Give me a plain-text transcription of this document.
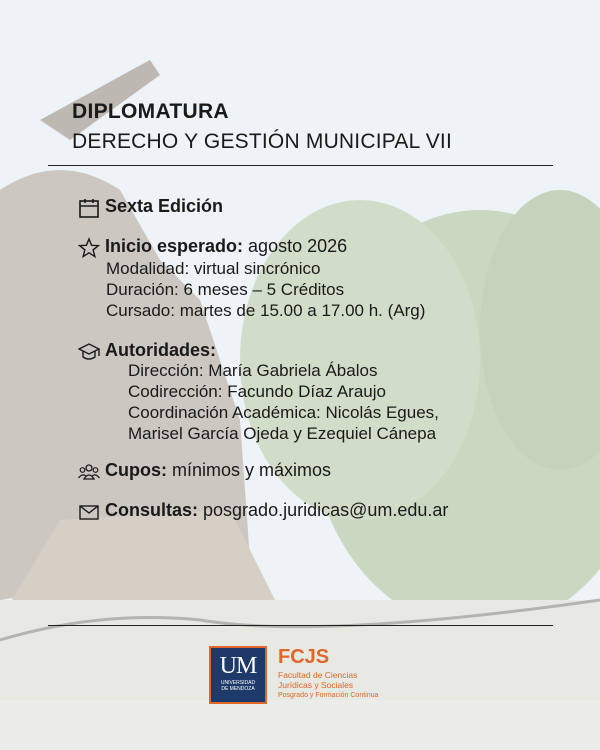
DIPLOMATURA
DERECHO Y GESTIÓN MUNICIPAL VII
Sexta Edición
Inicio esperado: agosto 2026
Modalidad: virtual sincrónico
Duración: 6 meses – 5 Créditos
Cursado: martes de 15.00 a 17.00 h. (Arg)
Autoridades:
Dirección: María Gabriela Ábalos
Codirección: Facundo Díaz Araujo
Coordinación Académica: Nicolás Egues,
Marisel García Ojeda y Ezequiel Cánepa
Cupos: mínimos y máximos
Consultas: posgrado.juridicas@um.edu.ar
UM
UNIVERSIDAD
DE MENDOZA
FCJS
Facultad de Ciencias
Jurídicas y Sociales
Posgrado y Formación Continua
